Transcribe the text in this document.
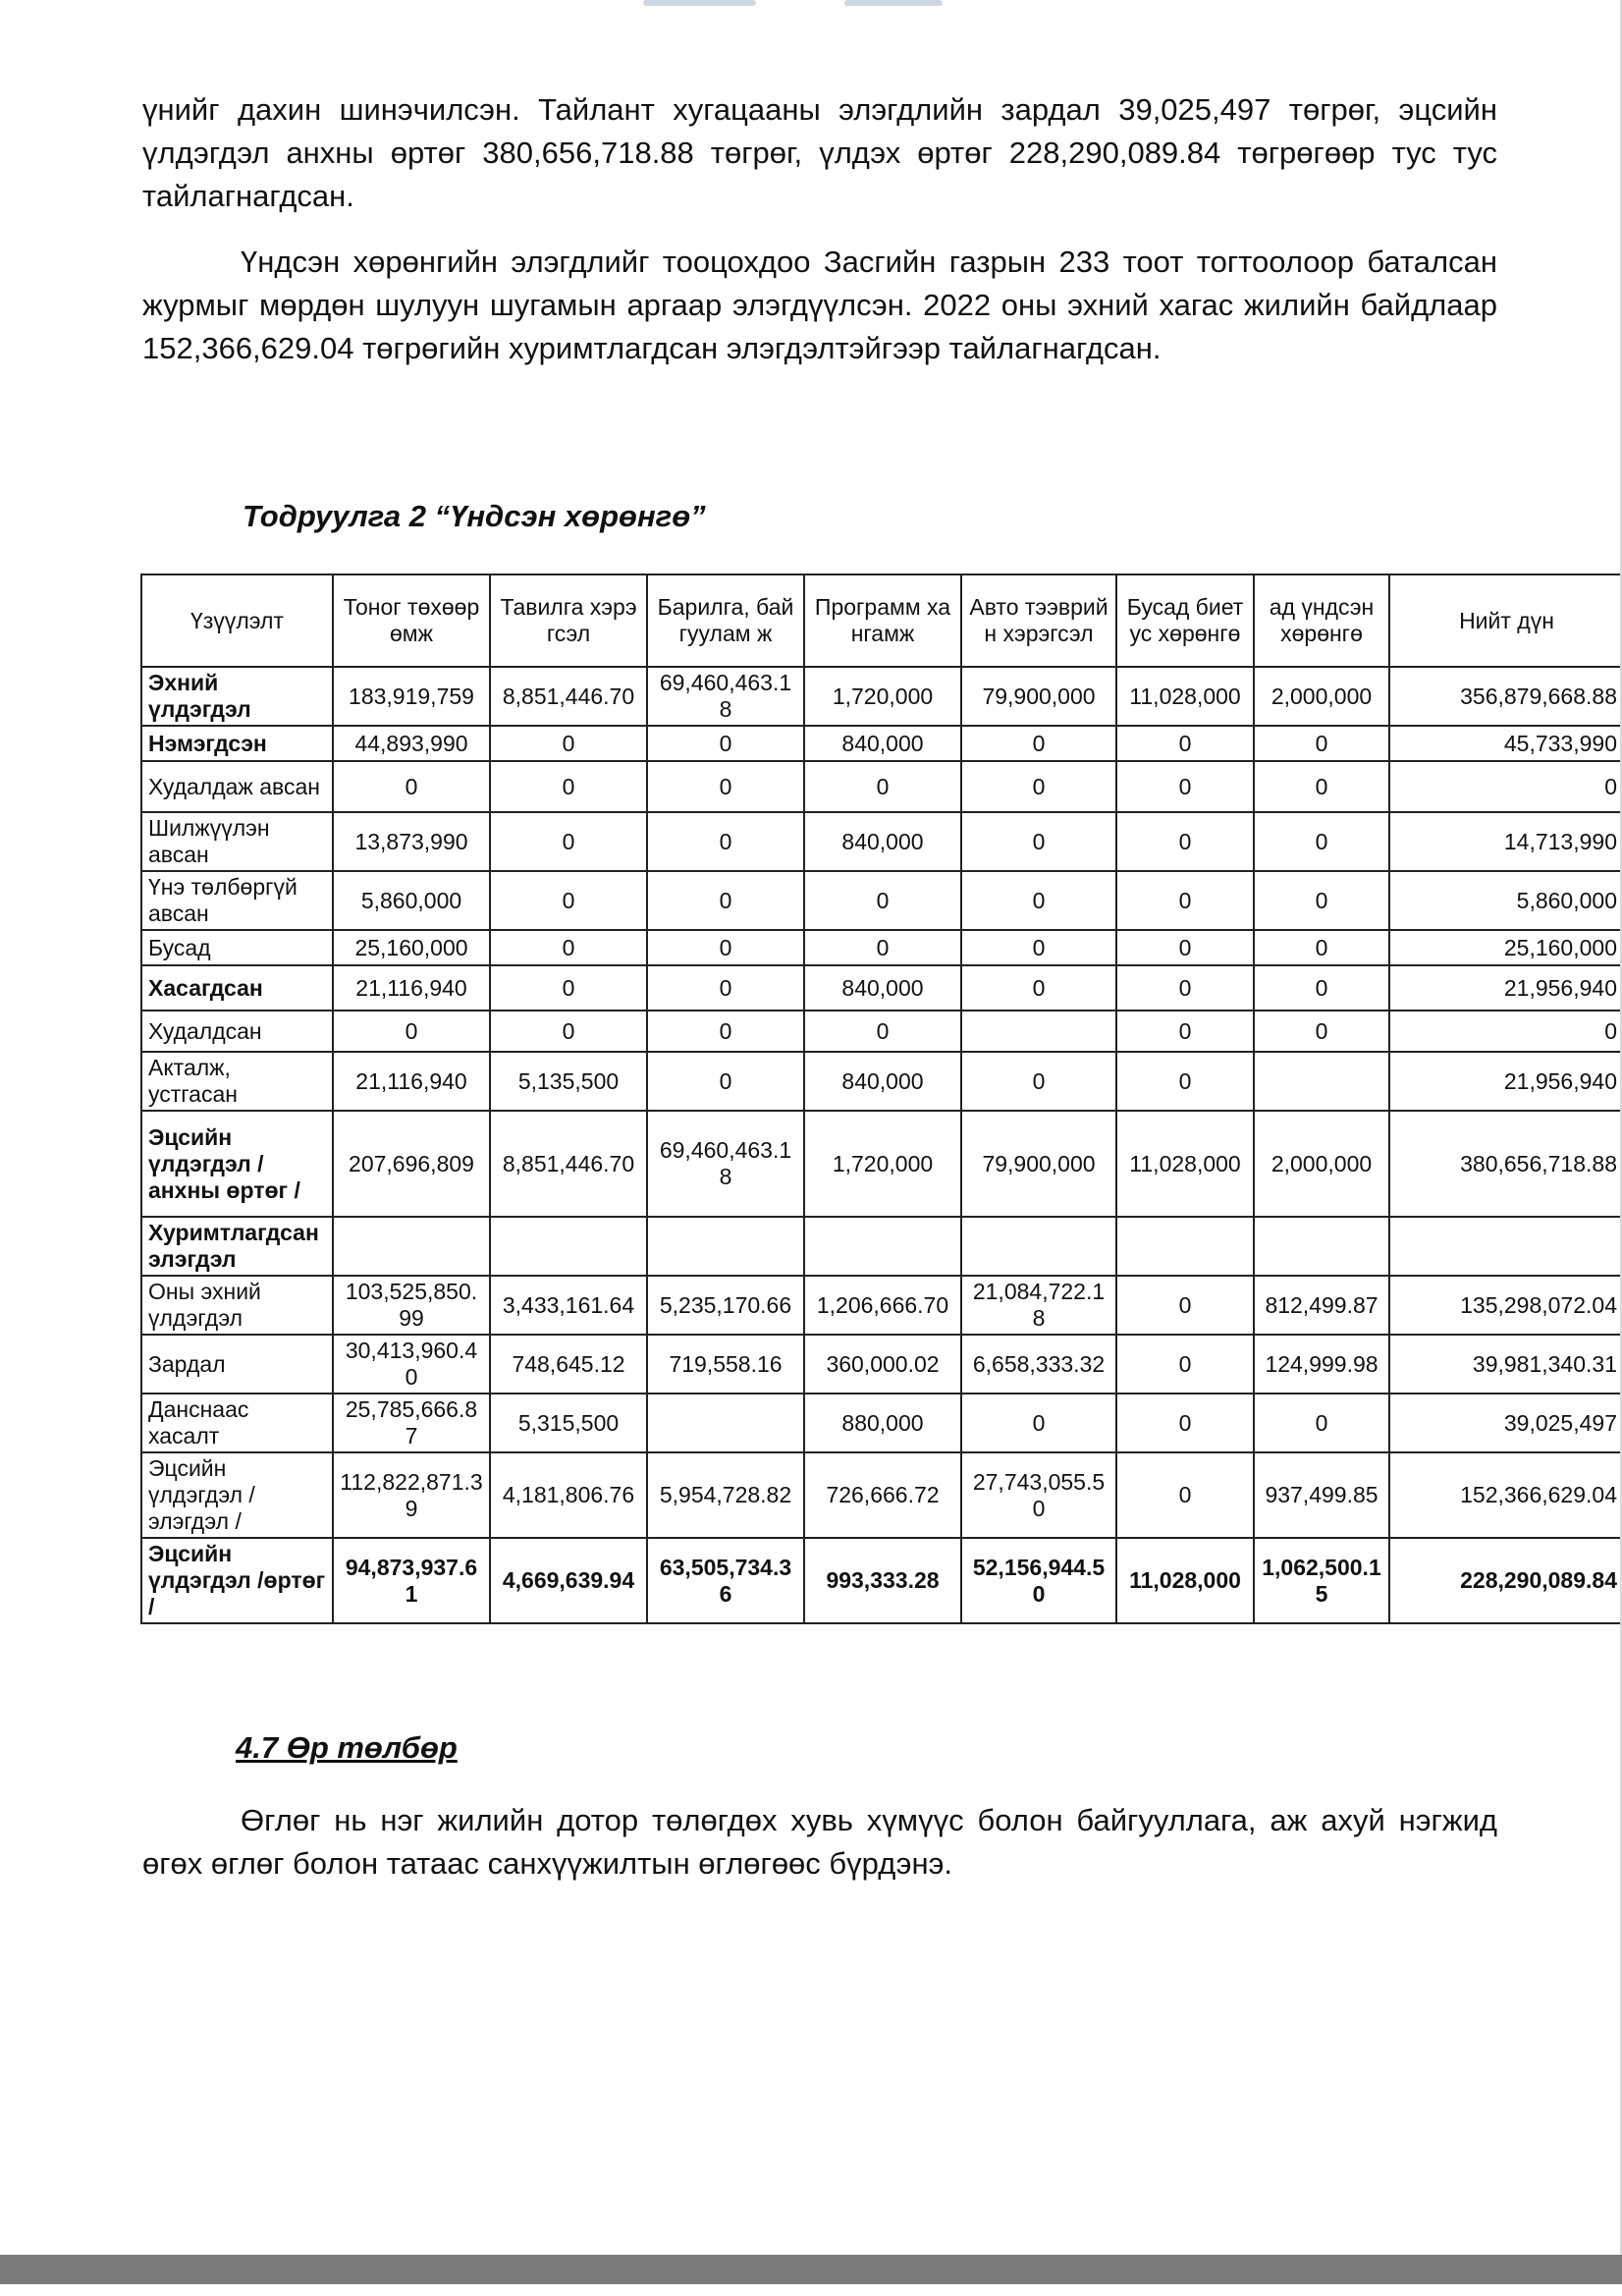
үнийг дахин шинэчилсэн. Тайлант хугацааны элэгдлийн зардал 39,025,497 төгрөг, эцсийн үлдэгдэл анхны өртөг 380,656,718.88 төгрөг, үлдэх өртөг 228,290,089.84 төгрөгөөр тус тус тайлагнагдсан.

Үндсэн хөрөнгийн элэгдлийг тооцохдоо Засгийн газрын 233 тоот тогтоолоор баталсан журмыг мөрдөн шулуун шугамын аргаар элэгдүүлсэн. 2022 оны эхний хагас жилийн байдлаар 152,366,629.04 төгрөгийн хуримтлагдсан элэгдэлтэйгээр тайлагнагдсан.

Тодруулга 2 “Үндсэн хөрөнгө”

Үзүүлэлт	Тоног төхөөрөмж	Тавилга хэрэгсэл	Барилга, байгуулам ж	Программ хангамж	Авто тээврийн хэрэгсэл	Бусад биет ус хөрөнгө	ад үндсэн хөрөнгө	Нийт дүн
Эхний үлдэгдэл	183,919,759	8,851,446.70	69,460,463.18	1,720,000	79,900,000	11,028,000	2,000,000	356,879,668.88
Нэмэгдсэн	44,893,990	0	0	840,000	0	0	0	45,733,990
Худалдаж авсан	0	0	0	0	0	0	0	0
Шилжүүлэн авсан	13,873,990	0	0	840,000	0	0	0	14,713,990
Үнэ төлбөргүй авсан	5,860,000	0	0	0	0	0	0	5,860,000
Бусад	25,160,000	0	0	0	0	0	0	25,160,000
Хасагдсан	21,116,940	0	0	840,000	0	0	0	21,956,940
Худалдсан	0	0	0	0		0	0	0
Акталж, устгасан	21,116,940	5,135,500	0	840,000	0	0		21,956,940
Эцсийн үлдэгдэл / анхны өртөг /	207,696,809	8,851,446.70	69,460,463.18	1,720,000	79,900,000	11,028,000	2,000,000	380,656,718.88
Хуримтлагдсан элэгдэл								
Оны эхний үлдэгдэл	103,525,850.99	3,433,161.64	5,235,170.66	1,206,666.70	21,084,722.18	0	812,499.87	135,298,072.04
Зардал	30,413,960.40	748,645.12	719,558.16	360,000.02	6,658,333.32	0	124,999.98	39,981,340.31
Данснаас хасалт	25,785,666.87	5,315,500		880,000	0	0	0	39,025,497
Эцсийн үлдэгдэл / элэгдэл /	112,822,871.39	4,181,806.76	5,954,728.82	726,666.72	27,743,055.50	0	937,499.85	152,366,629.04
Эцсийн үлдэгдэл /өртөг /	94,873,937.61	4,669,639.94	63,505,734.36	993,333.28	52,156,944.50	11,028,000	1,062,500.15	228,290,089.84

4.7 Өр төлбөр

Өглөг нь нэг жилийн дотор төлөгдөх хувь хүмүүс болон байгууллага, аж ахуй нэгжид өгөх өглөг болон татаас санхүүжилтын өглөгөөс бүрдэнэ.
